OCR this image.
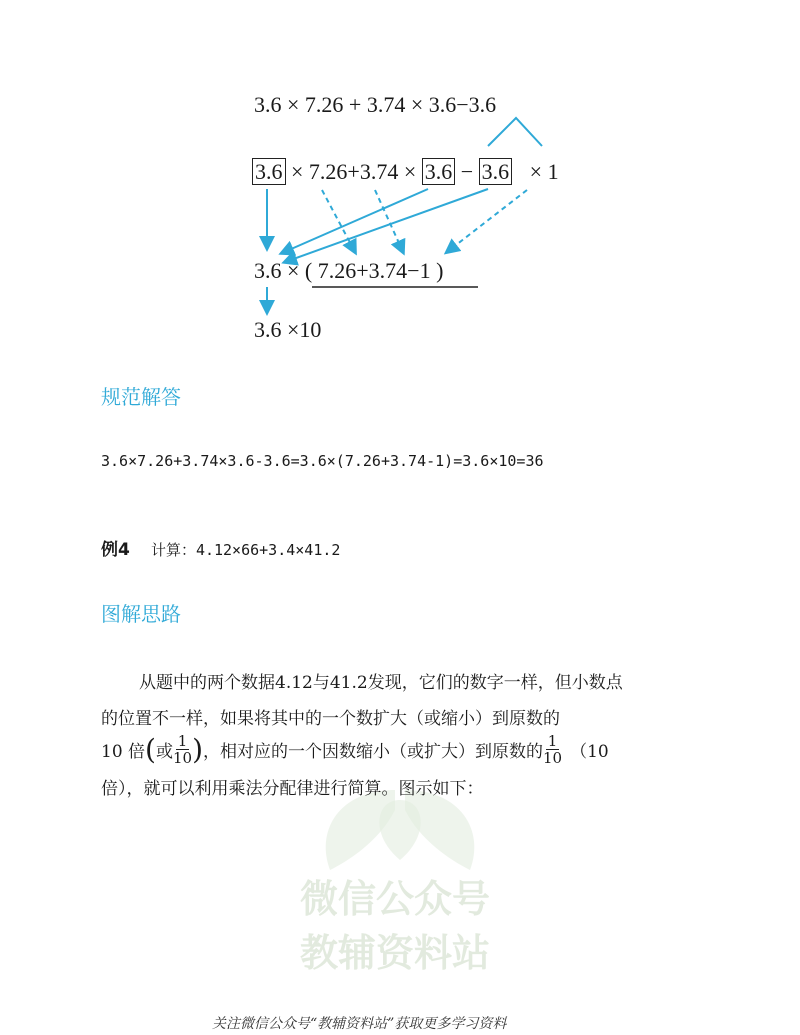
微信公众号
教辅资料站
3.6 × 7.26 + 3.74 × 3.6−3.6
3.6 × 7.26+3.74 × 3.6 − 3.6 × 1
3.6 × ( 7.26+3.74−1 )
3.6 ×10
规范解答
3.6×7.26+3.74×3.6-3.6=3.6×(7.26+3.74-1)=3.6×10=36
例4 计算：4.12×66+3.4×41.2
图解思路
从题中的两个数据4.12与41.2发现，它们的数字一样，但小数点
的位置不一样，如果将其中的一个数扩大（或缩小）到原数的
10 倍 ( 或 $\frac{1}{10}$ ) ，相对应的一个因数缩小（或扩大）到原数的 $\frac{1}{10} (10$
倍），就可以利用乘法分配律进行简算。图示如下：
关注微信公众号“教辅资料站”获取更多学习资料
